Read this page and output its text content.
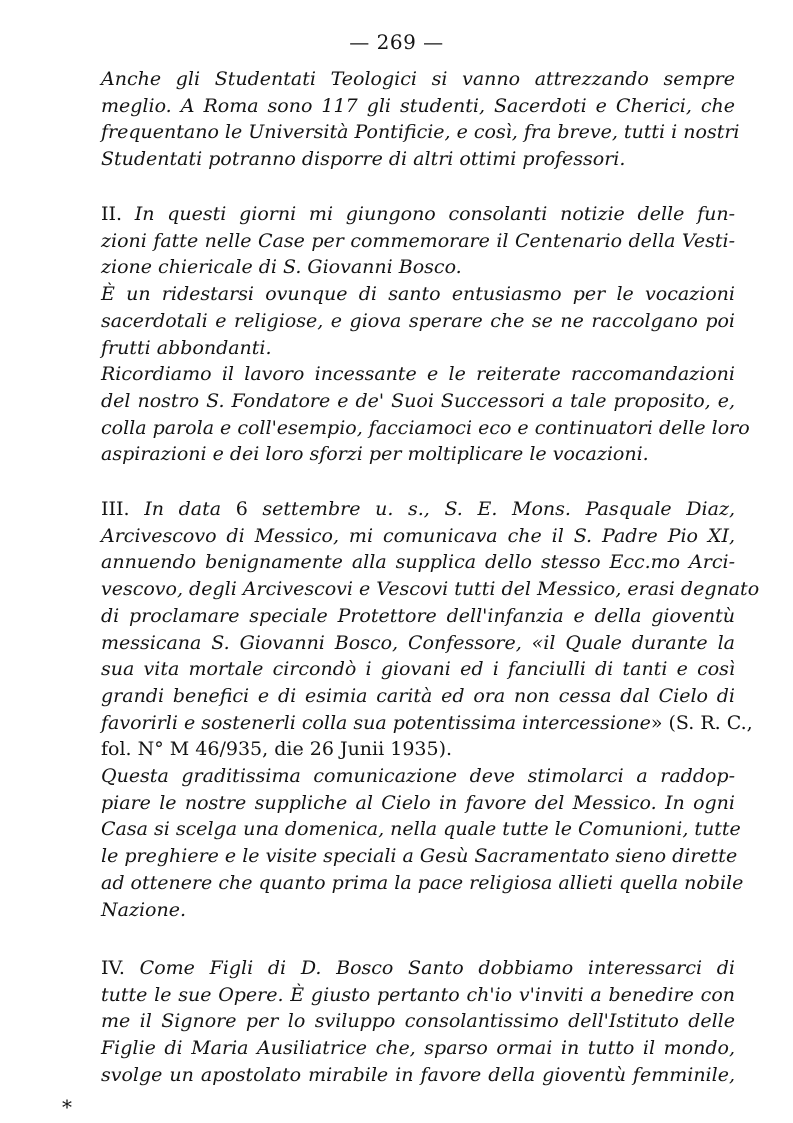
— 269 —
Anche gli Studentati Teologici si vanno attrezzando sempre
meglio. A Roma sono 117 gli studenti, Sacerdoti e Cherici, che
frequentano le Università Pontificie, e così, fra breve, tutti i nostri
Studentati potranno disporre di altri ottimi professori.
II. In questi giorni mi giungono consolanti notizie delle fun-
zioni fatte nelle Case per commemorare il Centenario della Vesti-
zione chiericale di S. Giovanni Bosco.
È un ridestarsi ovunque di santo entusiasmo per le vocazioni
sacerdotali e religiose, e giova sperare che se ne raccolgano poi
frutti abbondanti.
Ricordiamo il lavoro incessante e le reiterate raccomandazioni
del nostro S. Fondatore e de' Suoi Successori a tale proposito, e,
colla parola e coll'esempio, facciamoci eco e continuatori delle loro
aspirazioni e dei loro sforzi per moltiplicare le vocazioni.
III. In data 6 settembre u. s., S. E. Mons. Pasquale Diaz,
Arcivescovo di Messico, mi comunicava che il S. Padre Pio XI,
annuendo benignamente alla supplica dello stesso Ecc.mo Arci-
vescovo, degli Arcivescovi e Vescovi tutti del Messico, erasi degnato
di proclamare speciale Protettore dell'infanzia e della gioventù
messicana S. Giovanni Bosco, Confessore, «il Quale durante la
sua vita mortale circondò i giovani ed i fanciulli di tanti e così
grandi benefici e di esimia carità ed ora non cessa dal Cielo di
favorirli e sostenerli colla sua potentissima intercessione» (S. R. C.,
fol. N° M 46/935, die 26 Junii 1935).
Questa graditissima comunicazione deve stimolarci a raddop-
piare le nostre suppliche al Cielo in favore del Messico. In ogni
Casa si scelga una domenica, nella quale tutte le Comunioni, tutte
le preghiere e le visite speciali a Gesù Sacramentato sieno dirette
ad ottenere che quanto prima la pace religiosa allieti quella nobile
Nazione.
IV. Come Figli di D. Bosco Santo dobbiamo interessarci di
tutte le sue Opere. È giusto pertanto ch'io v'inviti a benedire con
me il Signore per lo sviluppo consolantissimo dell'Istituto delle
Figlie di Maria Ausiliatrice che, sparso ormai in tutto il mondo,
svolge un apostolato mirabile in favore della gioventù femminile,
*
